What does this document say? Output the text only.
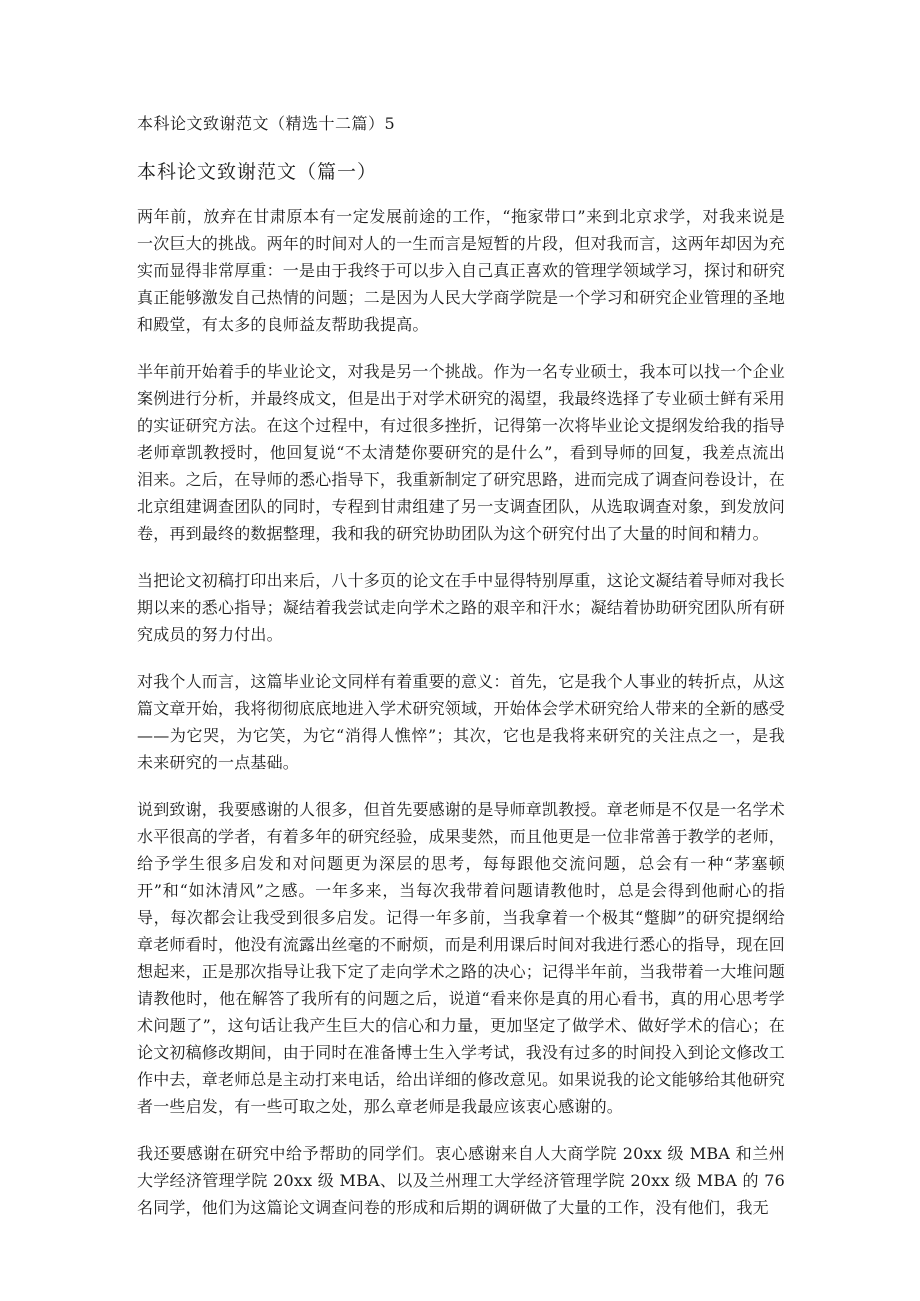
本科论文致谢范文（精选十二篇）5
本科论文致谢范文（篇一）

两年前，放弃在甘肃原本有一定发展前途的工作，“拖家带口”来到北京求学，对我来说是一次巨大的挑战。两年的时间对人的一生而言是短暂的片段，但对我而言，这两年却因为充实而显得非常厚重：一是由于我终于可以步入自己真正喜欢的管理学领域学习，探讨和研究真正能够激发自己热情的问题；二是因为人民大学商学院是一个学习和研究企业管理的圣地和殿堂，有太多的良师益友帮助我提高。

半年前开始着手的毕业论文，对我是另一个挑战。作为一名专业硕士，我本可以找一个企业案例进行分析，并最终成文，但是出于对学术研究的渴望，我最终选择了专业硕士鲜有采用的实证研究方法。在这个过程中，有过很多挫折，记得第一次将毕业论文提纲发给我的指导老师章凯教授时，他回复说“不太清楚你要研究的是什么”，看到导师的回复，我差点流出泪来。之后，在导师的悉心指导下，我重新制定了研究思路，进而完成了调查问卷设计，在北京组建调查团队的同时，专程到甘肃组建了另一支调查团队，从选取调查对象，到发放问卷，再到最终的数据整理，我和我的研究协助团队为这个研究付出了大量的时间和精力。

当把论文初稿打印出来后，八十多页的论文在手中显得特别厚重，这论文凝结着导师对我长期以来的悉心指导；凝结着我尝试走向学术之路的艰辛和汗水；凝结着协助研究团队所有研究成员的努力付出。

对我个人而言，这篇毕业论文同样有着重要的意义：首先，它是我个人事业的转折点，从这篇文章开始，我将彻彻底底地进入学术研究领域，开始体会学术研究给人带来的全新的感受——为它哭，为它笑，为它“消得人憔悴”；其次，它也是我将来研究的关注点之一，是我未来研究的一点基础。

说到致谢，我要感谢的人很多，但首先要感谢的是导师章凯教授。章老师是不仅是一名学术水平很高的学者，有着多年的研究经验，成果斐然，而且他更是一位非常善于教学的老师，给予学生很多启发和对问题更为深层的思考，每每跟他交流问题，总会有一种“茅塞顿开”和“如沐清风”之感。一年多来，当每次我带着问题请教他时，总是会得到他耐心的指导，每次都会让我受到很多启发。记得一年多前，当我拿着一个极其“蹩脚”的研究提纲给章老师看时，他没有流露出丝毫的不耐烦，而是利用课后时间对我进行悉心的指导，现在回想起来，正是那次指导让我下定了走向学术之路的决心；记得半年前，当我带着一大堆问题请教他时，他在解答了我所有的问题之后，说道“看来你是真的用心看书，真的用心思考学术问题了”，这句话让我产生巨大的信心和力量，更加坚定了做学术、做好学术的信心；在论文初稿修改期间，由于同时在准备博士生入学考试，我没有过多的时间投入到论文修改工作中去，章老师总是主动打来电话，给出详细的修改意见。如果说我的论文能够给其他研究者一些启发，有一些可取之处，那么章老师是我最应该衷心感谢的。

我还要感谢在研究中给予帮助的同学们。衷心感谢来自人大商学院 20xx 级 MBA 和兰州大学经济管理学院 20xx 级 MBA、以及兰州理工大学经济管理学院 20xx 级 MBA 的 76 名同学，他们为这篇论文调查问卷的形成和后期的调研做了大量的工作，没有他们，我无
